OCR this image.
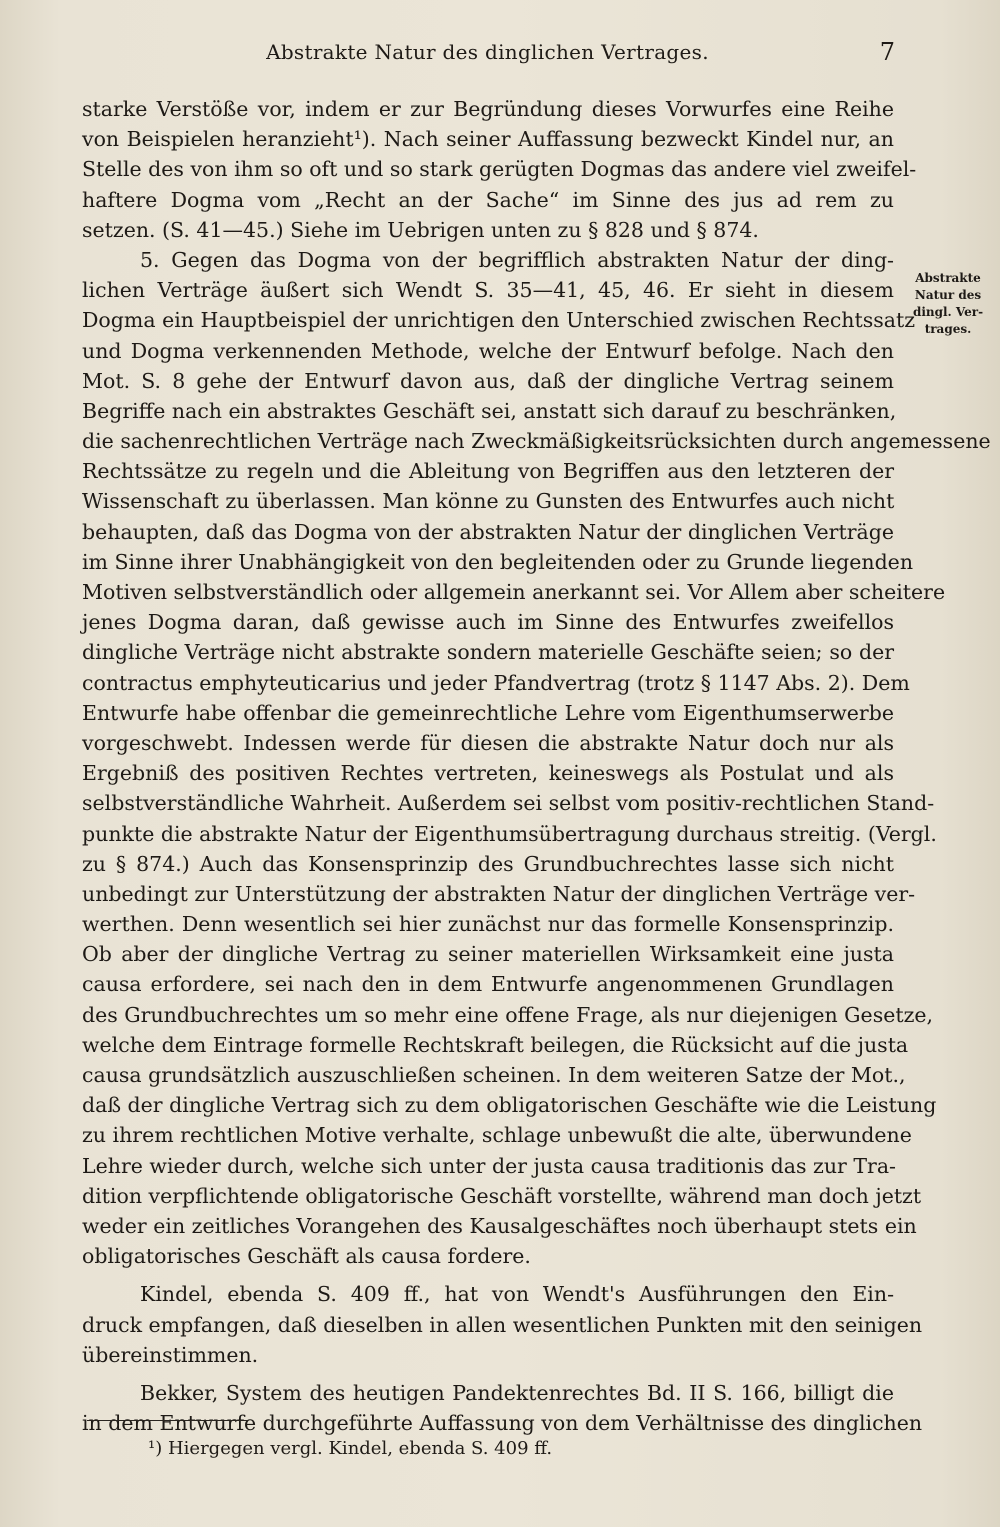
Abstrakte Natur des dinglichen Vertrages.	7
starke Verstöße vor, indem er zur Begründung dieses Vorwurfes eine Reihe
von Beispielen heranzieht¹). Nach seiner Auffassung bezweckt Kindel nur, an
Stelle des von ihm so oft und so stark gerügten Dogmas das andere viel zweifel-
haftere Dogma vom „Recht an der Sache“ im Sinne des jus ad rem zu
setzen. (S. 41—45.) Siehe im Uebrigen unten zu § 828 und § 874.
5. Gegen das Dogma von der begrifflich abstrakten Natur der ding-
lichen Verträge äußert sich Wendt S. 35—41, 45, 46. Er sieht in diesem
Dogma ein Hauptbeispiel der unrichtigen den Unterschied zwischen Rechtssatz
und Dogma verkennenden Methode, welche der Entwurf befolge. Nach den
Mot. S. 8 gehe der Entwurf davon aus, daß der dingliche Vertrag seinem
Begriffe nach ein abstraktes Geschäft sei, anstatt sich darauf zu beschränken,
die sachenrechtlichen Verträge nach Zweckmäßigkeitsrücksichten durch angemessene
Rechtssätze zu regeln und die Ableitung von Begriffen aus den letzteren der
Wissenschaft zu überlassen. Man könne zu Gunsten des Entwurfes auch nicht
behaupten, daß das Dogma von der abstrakten Natur der dinglichen Verträge
im Sinne ihrer Unabhängigkeit von den begleitenden oder zu Grunde liegenden
Motiven selbstverständlich oder allgemein anerkannt sei. Vor Allem aber scheitere
jenes Dogma daran, daß gewisse auch im Sinne des Entwurfes zweifellos
dingliche Verträge nicht abstrakte sondern materielle Geschäfte seien; so der
contractus emphyteuticarius und jeder Pfandvertrag (trotz § 1147 Abs. 2). Dem
Entwurfe habe offenbar die gemeinrechtliche Lehre vom Eigenthumserwerbe
vorgeschwebt. Indessen werde für diesen die abstrakte Natur doch nur als
Ergebniß des positiven Rechtes vertreten, keineswegs als Postulat und als
selbstverständliche Wahrheit. Außerdem sei selbst vom positiv-rechtlichen Stand-
punkte die abstrakte Natur der Eigenthumsübertragung durchaus streitig. (Vergl.
zu § 874.) Auch das Konsensprinzip des Grundbuchrechtes lasse sich nicht
unbedingt zur Unterstützung der abstrakten Natur der dinglichen Verträge ver-
werthen. Denn wesentlich sei hier zunächst nur das formelle Konsensprinzip.
Ob aber der dingliche Vertrag zu seiner materiellen Wirksamkeit eine justa
causa erfordere, sei nach den in dem Entwurfe angenommenen Grundlagen
des Grundbuchrechtes um so mehr eine offene Frage, als nur diejenigen Gesetze,
welche dem Eintrage formelle Rechtskraft beilegen, die Rücksicht auf die justa
causa grundsätzlich auszuschließen scheinen. In dem weiteren Satze der Mot.,
daß der dingliche Vertrag sich zu dem obligatorischen Geschäfte wie die Leistung
zu ihrem rechtlichen Motive verhalte, schlage unbewußt die alte, überwundene
Lehre wieder durch, welche sich unter der justa causa traditionis das zur Tra-
dition verpflichtende obligatorische Geschäft vorstellte, während man doch jetzt
weder ein zeitliches Vorangehen des Kausalgeschäftes noch überhaupt stets ein
obligatorisches Geschäft als causa fordere.
Kindel, ebenda S. 409 ff., hat von Wendt's Ausführungen den Ein-
druck empfangen, daß dieselben in allen wesentlichen Punkten mit den seinigen
übereinstimmen.
Bekker, System des heutigen Pandektenrechtes Bd. II S. 166, billigt die
in dem Entwurfe durchgeführte Auffassung von dem Verhältnisse des dinglichen
Abstrakte
Natur des
dingl. Ver-
trages.
¹) Hiergegen vergl. Kindel, ebenda S. 409 ff.
